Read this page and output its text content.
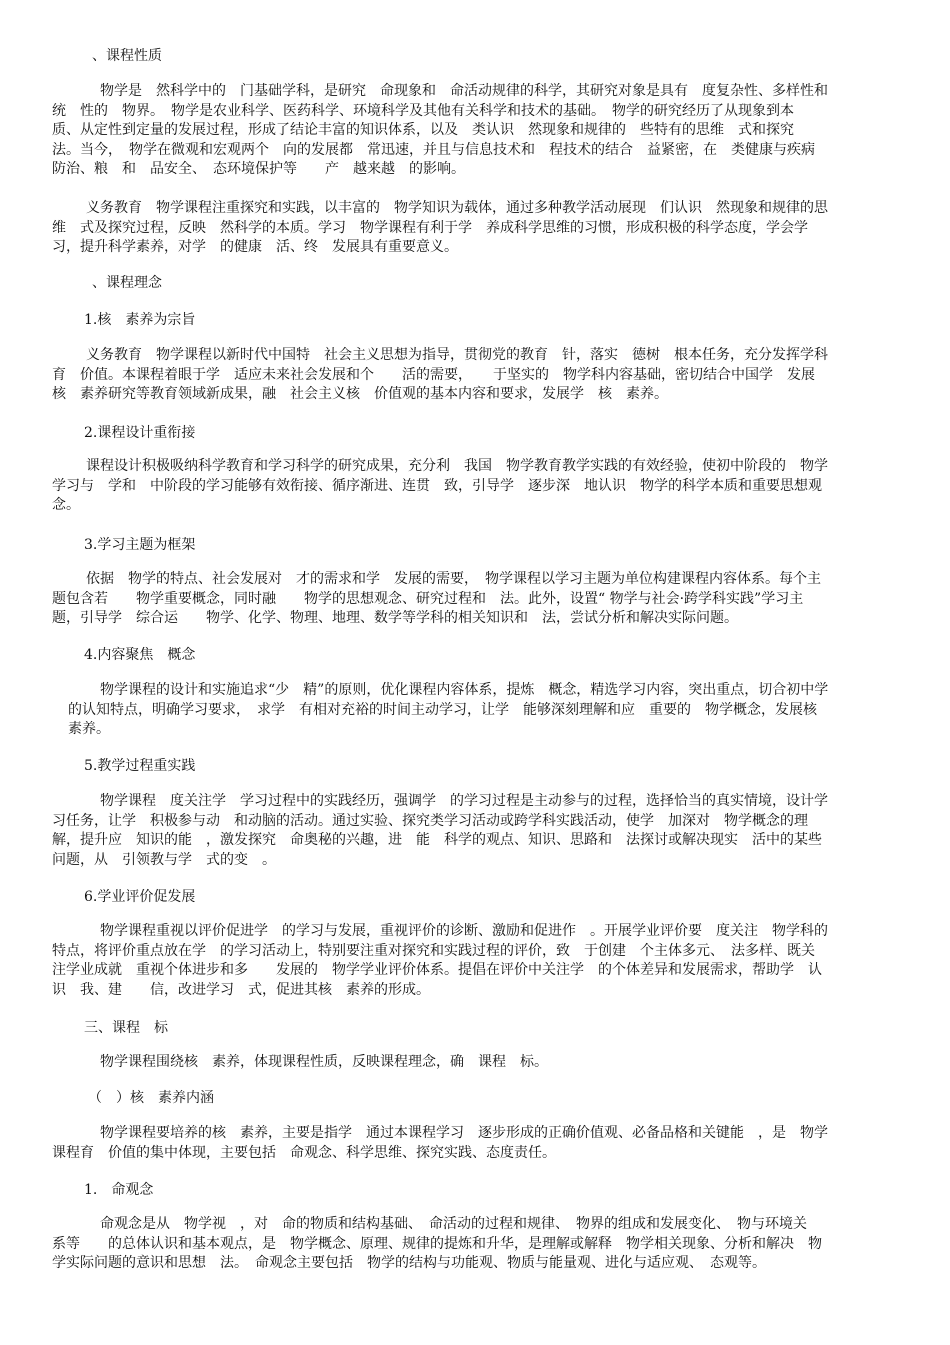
、课程性质
物学是　然科学中的　门基础学科，是研究　命现象和　命活动规律的科学，其研究对象是具有　度复杂性、多样性和
统　性的　物界。　物学是农业科学、医药科学、环境科学及其他有关科学和技术的基础。　物学的研究经历了从现象到本
质、从定性到定量的发展过程，形成了结论丰富的知识体系，以及　类认识　然现象和规律的　些特有的思维　式和探究
法。当今，　物学在微观和宏观两个　向的发展都　常迅速，并且与信息技术和　程技术的结合　益紧密，在　类健康与疾病
防治、粮　和　品安全、　态环境保护等　　产　越来越　的影响。
义务教育　物学课程注重探究和实践，以丰富的　物学知识为载体，通过多种教学活动展现　们认识　然现象和规律的思
维　式及探究过程，反映　然科学的本质。学习　物学课程有利于学　养成科学思维的习惯，形成积极的科学态度，学会学
习，提升科学素养，对学　的健康　活、终　发展具有重要意义。
、课程理念
1.核　素养为宗旨
义务教育　物学课程以新时代中国特　社会主义思想为指导，贯彻党的教育　针，落实　德树　根本任务，充分发挥学科
育　价值。本课程着眼于学　适应未来社会发展和个　　活的需要，　　于坚实的　物学科内容基础，密切结合中国学　发展
核　素养研究等教育领域新成果，融　社会主义核　价值观的基本内容和要求，发展学　核　素养。
2.课程设计重衔接
课程设计积极吸纳科学教育和学习科学的研究成果，充分利　我国　物学教育教学实践的有效经验，使初中阶段的　物学
学习与　学和　中阶段的学习能够有效衔接、循序渐进、连贯　致，引导学　逐步深　地认识　物学的科学本质和重要思想观
念。
3.学习主题为框架
依据　物学的特点、社会发展对　才的需求和学　发展的需要，　物学课程以学习主题为单位构建课程内容体系。每个主
题包含若　　物学重要概念，同时融　　物学的思想观念、研究过程和　法。此外，设置“ 物学与社会·跨学科实践”学习主
题，引导学　综合运　　物学、化学、物理、地理、数学等学科的相关知识和　法，尝试分析和解决实际问题。
4.内容聚焦　概念
物学课程的设计和实施追求“少　精”的原则，优化课程内容体系，提炼　概念，精选学习内容，突出重点，切合初中学
的认知特点，明确学习要求，　求学　有相对充裕的时间主动学习，让学　能够深刻理解和应　重要的　物学概念，发展核
素养。
5.教学过程重实践
物学课程　度关注学　学习过程中的实践经历，强调学　的学习过程是主动参与的过程，选择恰当的真实情境，设计学
习任务，让学　积极参与动　和动脑的活动。通过实验、探究类学习活动或跨学科实践活动，使学　加深对　物学概念的理
解，提升应　知识的能　，激发探究　命奥秘的兴趣，进　能　科学的观点、知识、思路和　法探讨或解决现实　活中的某些
问题，从　引领教与学　式的变　。
6.学业评价促发展
物学课程重视以评价促进学　的学习与发展，重视评价的诊断、激励和促进作　。开展学业评价要　度关注　物学科的
特点，将评价重点放在学　的学习活动上，特别要注重对探究和实践过程的评价，致　于创建　个主体多元、　法多样、既关
注学业成就　重视个体进步和多　　发展的　物学学业评价体系。提倡在评价中关注学　的个体差异和发展需求，帮助学　认
识　我、建　　信，改进学习　式，促进其核　素养的形成。
三、课程　标
物学课程围绕核　素养，体现课程性质，反映课程理念，确　课程　标。
（　）核　素养内涵
物学课程要培养的核　素养，主要是指学　通过本课程学习　逐步形成的正确价值观、必备品格和关键能　，是　物学
课程育　价值的集中体现，主要包括　命观念、科学思维、探究实践、态度责任。
1.　命观念
命观念是从　物学视　，对　命的物质和结构基础、　命活动的过程和规律、　物界的组成和发展变化、　物与环境关
系等　　的总体认识和基本观点，是　物学概念、原理、规律的提炼和升华，是理解或解释　物学相关现象、分析和解决　物
学实际问题的意识和思想　法。　命观念主要包括　物学的结构与功能观、物质与能量观、进化与适应观、　态观等。
